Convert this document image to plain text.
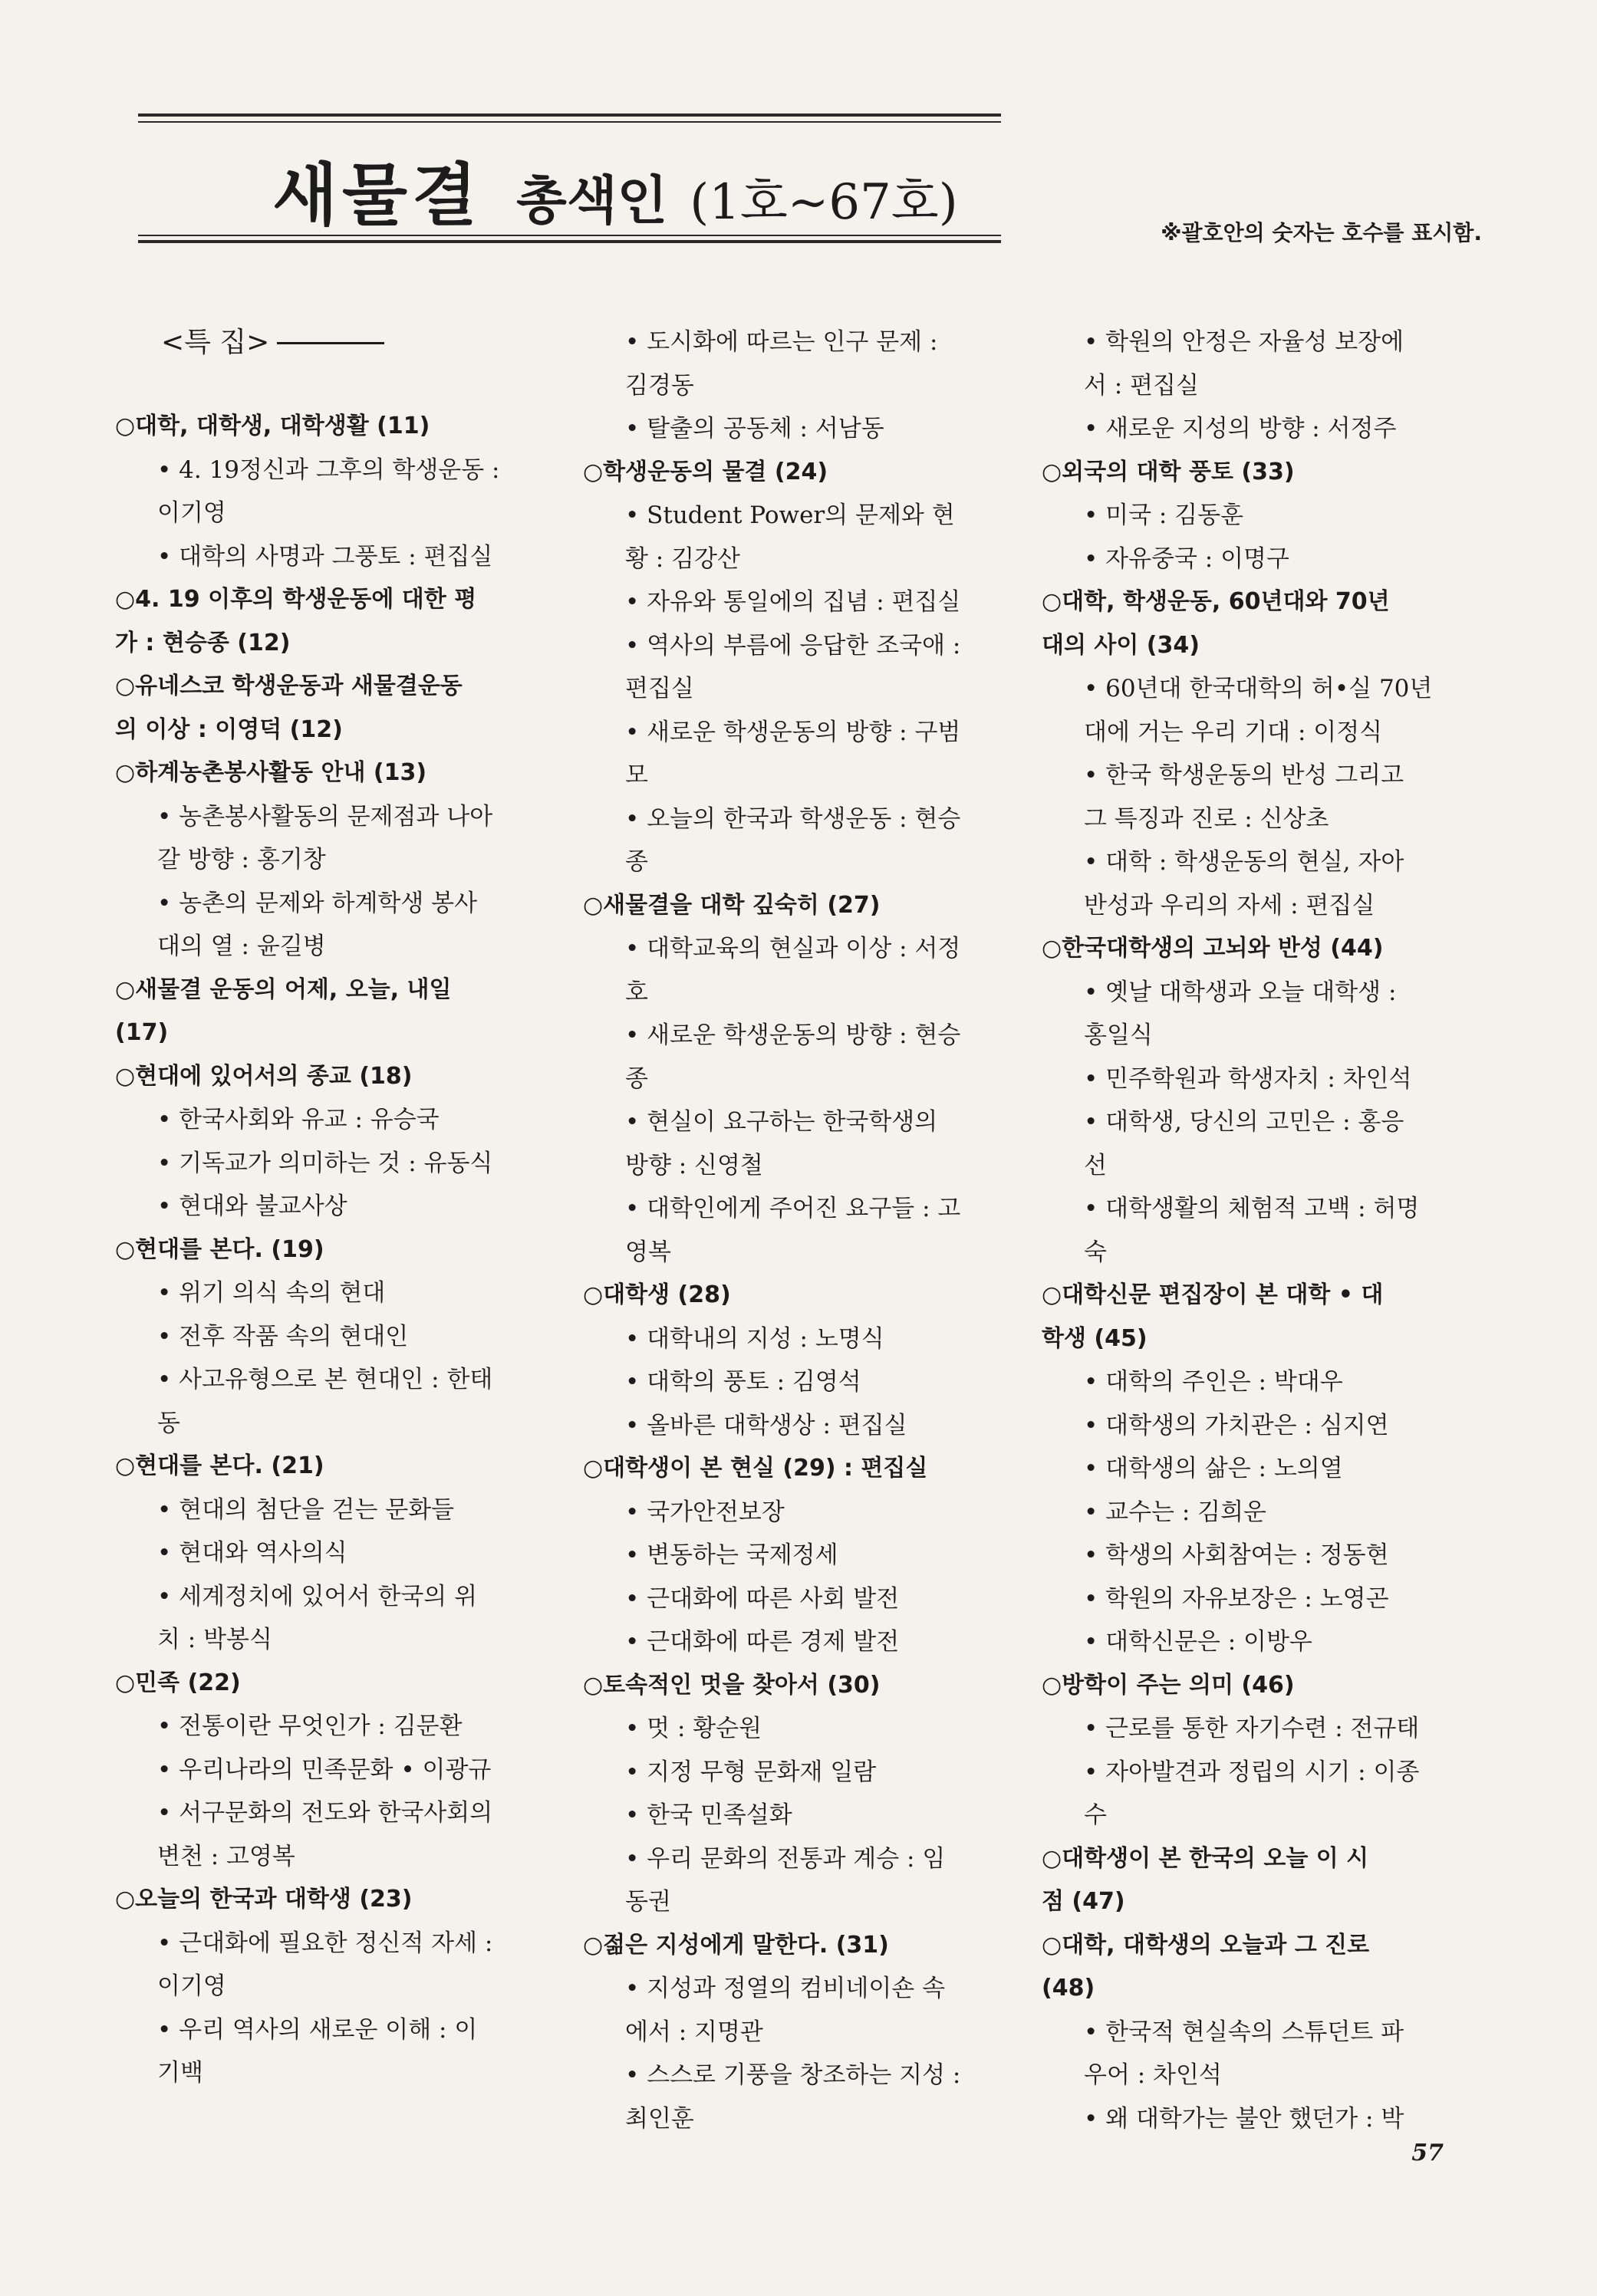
새물결 총색인 (1호~67호)
※괄호안의 숫자는 호수를 표시함.
<특 집>
○대학, 대학생, 대학생활 (11)
• 4. 19정신과 그후의 학생운동 :
이기영
• 대학의 사명과 그풍토 : 편집실
○4. 19 이후의 학생운동에 대한 평
가 : 현승종 (12)
○유네스코 학생운동과 새물결운동
의 이상 : 이영덕 (12)
○하계농촌봉사활동 안내 (13)
• 농촌봉사활동의 문제점과 나아
갈 방향 : 홍기창
• 농촌의 문제와 하계학생 봉사
대의 열 : 윤길병
○새물결 운동의 어제, 오늘, 내일
(17)
○현대에 있어서의 종교 (18)
• 한국사회와 유교 : 유승국
• 기독교가 의미하는 것 : 유동식
• 현대와 불교사상
○현대를 본다. (19)
• 위기 의식 속의 현대
• 전후 작품 속의 현대인
• 사고유형으로 본 현대인 : 한태
동
○현대를 본다. (21)
• 현대의 첨단을 걷는 문화들
• 현대와 역사의식
• 세계정치에 있어서 한국의 위
치 : 박봉식
○민족 (22)
• 전통이란 무엇인가 : 김문환
• 우리나라의 민족문화 • 이광규
• 서구문화의 전도와 한국사회의
변천 : 고영복
○오늘의 한국과 대학생 (23)
• 근대화에 필요한 정신적 자세 :
이기영
• 우리 역사의 새로운 이해 : 이
기백
• 도시화에 따르는 인구 문제 :
김경동
• 탈출의 공동체 : 서남동
○학생운동의 물결 (24)
• Student Power의 문제와 현
황 : 김강산
• 자유와 통일에의 집념 : 편집실
• 역사의 부름에 응답한 조국애 :
편집실
• 새로운 학생운동의 방향 : 구범
모
• 오늘의 한국과 학생운동 : 현승
종
○새물결을 대학 깊숙히 (27)
• 대학교육의 현실과 이상 : 서정
호
• 새로운 학생운동의 방향 : 현승
종
• 현실이 요구하는 한국학생의
방향 : 신영철
• 대학인에게 주어진 요구들 : 고
영복
○대학생 (28)
• 대학내의 지성 : 노명식
• 대학의 풍토 : 김영석
• 올바른 대학생상 : 편집실
○대학생이 본 현실 (29) : 편집실
• 국가안전보장
• 변동하는 국제정세
• 근대화에 따른 사회 발전
• 근대화에 따른 경제 발전
○토속적인 멋을 찾아서 (30)
• 멋 : 황순원
• 지정 무형 문화재 일람
• 한국 민족설화
• 우리 문화의 전통과 계승 : 임
동권
○젊은 지성에게 말한다. (31)
• 지성과 정열의 컴비네이숀 속
에서 : 지명관
• 스스로 기풍을 창조하는 지성 :
최인훈
• 학원의 안정은 자율성 보장에
서 : 편집실
• 새로운 지성의 방향 : 서정주
○외국의 대학 풍토 (33)
• 미국 : 김동훈
• 자유중국 : 이명구
○대학, 학생운동, 60년대와 70년
대의 사이 (34)
• 60년대 한국대학의 허•실 70년
대에 거는 우리 기대 : 이정식
• 한국 학생운동의 반성 그리고
그 특징과 진로 : 신상초
• 대학 : 학생운동의 현실, 자아
반성과 우리의 자세 : 편집실
○한국대학생의 고뇌와 반성 (44)
• 옛날 대학생과 오늘 대학생 :
홍일식
• 민주학원과 학생자치 : 차인석
• 대학생, 당신의 고민은 : 홍응
선
• 대학생활의 체험적 고백 : 허명
숙
○대학신문 편집장이 본 대학 • 대
학생 (45)
• 대학의 주인은 : 박대우
• 대학생의 가치관은 : 심지연
• 대학생의 삶은 : 노의열
• 교수는 : 김희운
• 학생의 사회참여는 : 정동현
• 학원의 자유보장은 : 노영곤
• 대학신문은 : 이방우
○방학이 주는 의미 (46)
• 근로를 통한 자기수련 : 전규태
• 자아발견과 정립의 시기 : 이종
수
○대학생이 본 한국의 오늘 이 시
점 (47)
○대학, 대학생의 오늘과 그 진로
(48)
• 한국적 현실속의 스튜던트 파
우어 : 차인석
• 왜 대학가는 불안 했던가 : 박
57
